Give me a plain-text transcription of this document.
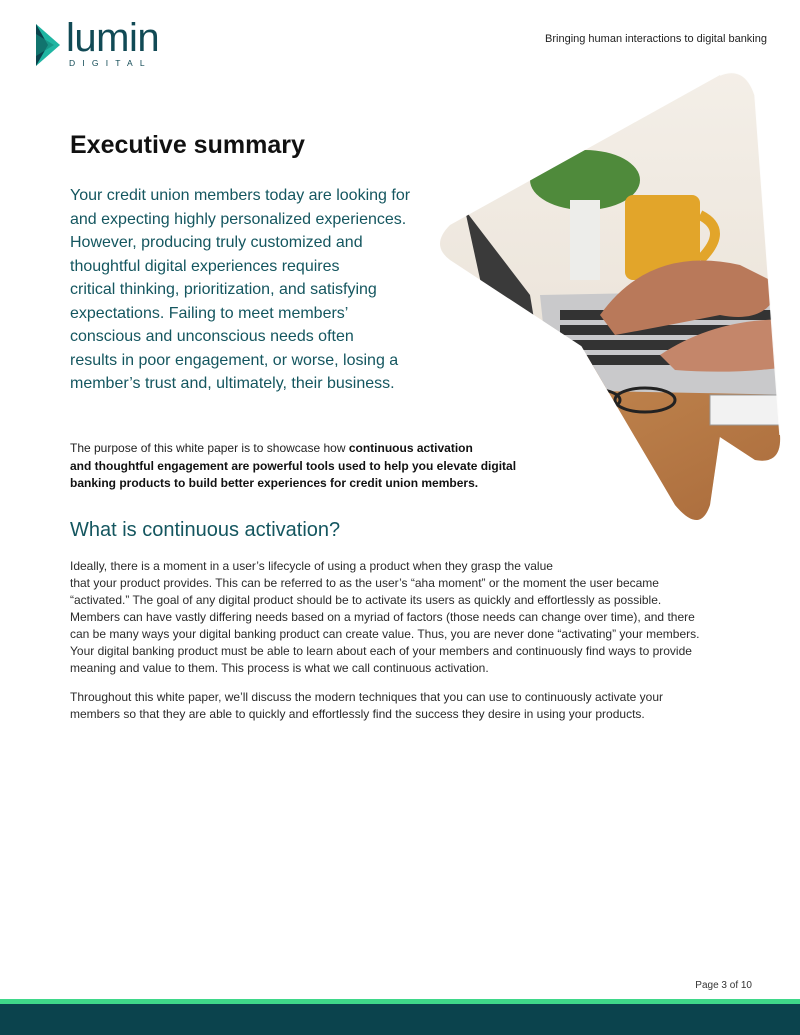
lumin
DIGITAL
Bringing human interactions to digital banking
Executive summary

Your credit union members today are looking for
and expecting highly personalized experiences.
However, producing truly customized and
thoughtful digital experiences requires
critical thinking, prioritization, and satisfying
expectations. Failing to meet members’
conscious and unconscious needs often
results in poor engagement, or worse, losing a
member’s trust and, ultimately, their business.

The purpose of this white paper is to showcase how continuous activation
and thoughtful engagement are powerful tools used to help you elevate digital
banking products to build better experiences for credit union members.

What is continuous activation?

Ideally, there is a moment in a user’s lifecycle of using a product when they grasp the value
that your product provides. This can be referred to as the user’s “aha moment” or the moment the user became
“activated.” The goal of any digital product should be to activate its users as quickly and effortlessly as possible.
Members can have vastly differing needs based on a myriad of factors (those needs can change over time), and there
can be many ways your digital banking product can create value. Thus, you are never done “activating” your members.
Your digital banking product must be able to learn about each of your members and continuously find ways to provide
meaning and value to them. This process is what we call continuous activation.

Throughout this white paper, we’ll discuss the modern techniques that you can use to continuously activate your
members so that they are able to quickly and effortlessly find the success they desire in using your products.

Page 3 of 10
